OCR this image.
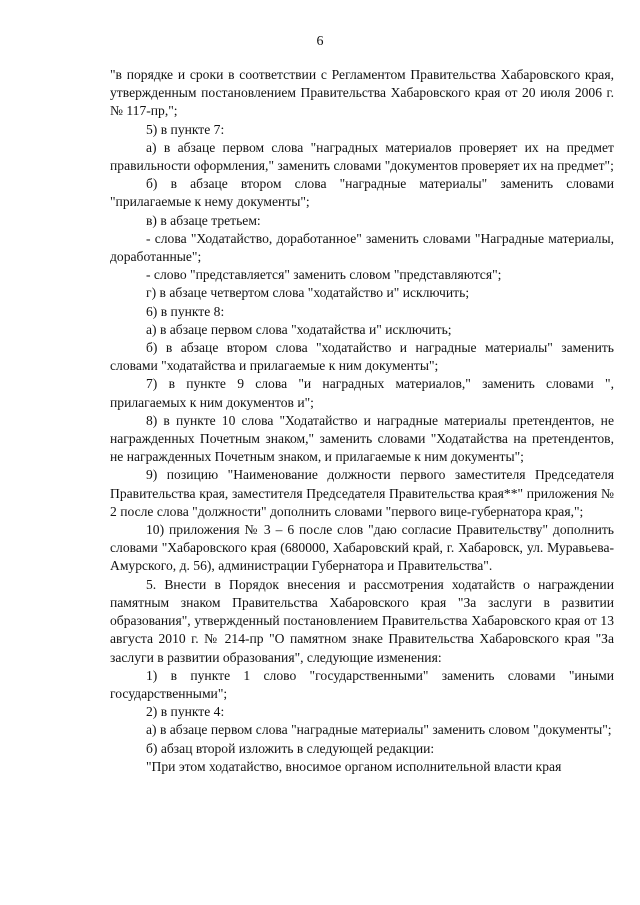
6

"в порядке и сроки в соответствии с Регламентом Правительства Хабаровского края, утвержденным постановлением Правительства Хабаровского края от 20 июля 2006 г. № 117-пр,";

5) в пункте 7:

а) в абзаце первом слова "наградных материалов проверяет их на предмет правильности оформления," заменить словами "документов проверяет их на предмет";

б) в абзаце втором слова "наградные материалы" заменить словами "прилагаемые к нему документы";

в) в абзаце третьем:

- слова "Ходатайство, доработанное" заменить словами "Наградные материалы, доработанные";

- слово "представляется" заменить словом "представляются";

г) в абзаце четвертом слова "ходатайство и" исключить;

6) в пункте 8:

а) в абзаце первом слова "ходатайства и" исключить;

б) в абзаце втором слова "ходатайство и наградные материалы" заменить словами "ходатайства и прилагаемые к ним документы";

7) в пункте 9 слова "и наградных материалов," заменить словами ", прилагаемых к ним документов и";

8) в пункте 10 слова "Ходатайство и наградные материалы претендентов, не награжденных Почетным знаком," заменить словами "Ходатайства на претендентов, не награжденных Почетным знаком, и прилагаемые к ним документы";

9) позицию "Наименование должности первого заместителя Председателя Правительства края, заместителя Председателя Правительства края**" приложения № 2 после слова "должности" дополнить словами "первого вице-губернатора края,";

10) приложения № 3 – 6 после слов "даю согласие Правительству" дополнить словами "Хабаровского края (680000, Хабаровский край, г. Хабаровск, ул. Муравьева-Амурского, д. 56), администрации Губернатора и Правительства".

5. Внести в Порядок внесения и рассмотрения ходатайств о награждении памятным знаком Правительства Хабаровского края "За заслуги в развитии образования", утвержденный постановлением Правительства Хабаровского края от 13 августа 2010 г. № 214-пр "О памятном знаке Правительства Хабаровского края "За заслуги в развитии образования", следующие изменения:

1) в пункте 1 слово "государственными" заменить словами "иными государственными";

2) в пункте 4:

а) в абзаце первом слова "наградные материалы" заменить словом "документы";

б) абзац второй изложить в следующей редакции:

"При этом ходатайство, вносимое органом исполнительной власти края
